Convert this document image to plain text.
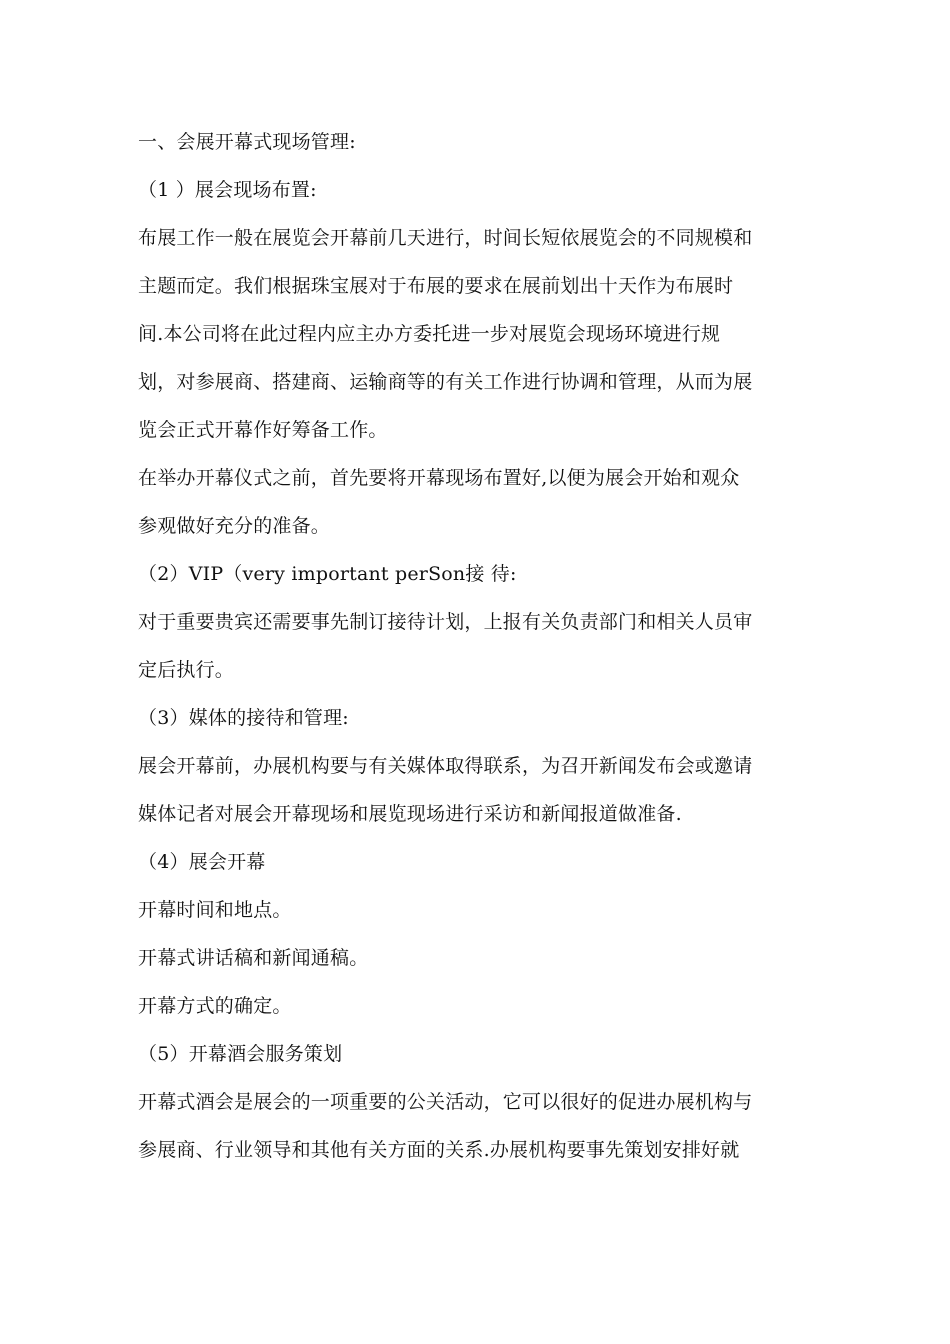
一、会展开幕式现场管理:
（1 ）展会现场布置:
布展工作一般在展览会开幕前几天进行，时间长短依展览会的不同规模和
主题而定。我们根据珠宝展对于布展的要求在展前划出十天作为布展时
间.本公司将在此过程内应主办方委托进一步对展览会现场环境进行规
划，对参展商、搭建商、运输商等的有关工作进行协调和管理，从而为展
览会正式开幕作好筹备工作。
在举办开幕仪式之前，首先要将开幕现场布置好,以便为展会开始和观众
参观做好充分的准备。
（2）VIP（very important perSon接 待:
对于重要贵宾还需要事先制订接待计划，上报有关负责部门和相关人员审
定后执行。
（3）媒体的接待和管理:
展会开幕前，办展机构要与有关媒体取得联系，为召开新闻发布会或邀请
媒体记者对展会开幕现场和展览现场进行采访和新闻报道做准备.
（4）展会开幕
开幕时间和地点。
开幕式讲话稿和新闻通稿。
开幕方式的确定。
（5）开幕酒会服务策划
开幕式酒会是展会的一项重要的公关活动，它可以很好的促进办展机构与
参展商、行业领导和其他有关方面的关系.办展机构要事先策划安排好就
